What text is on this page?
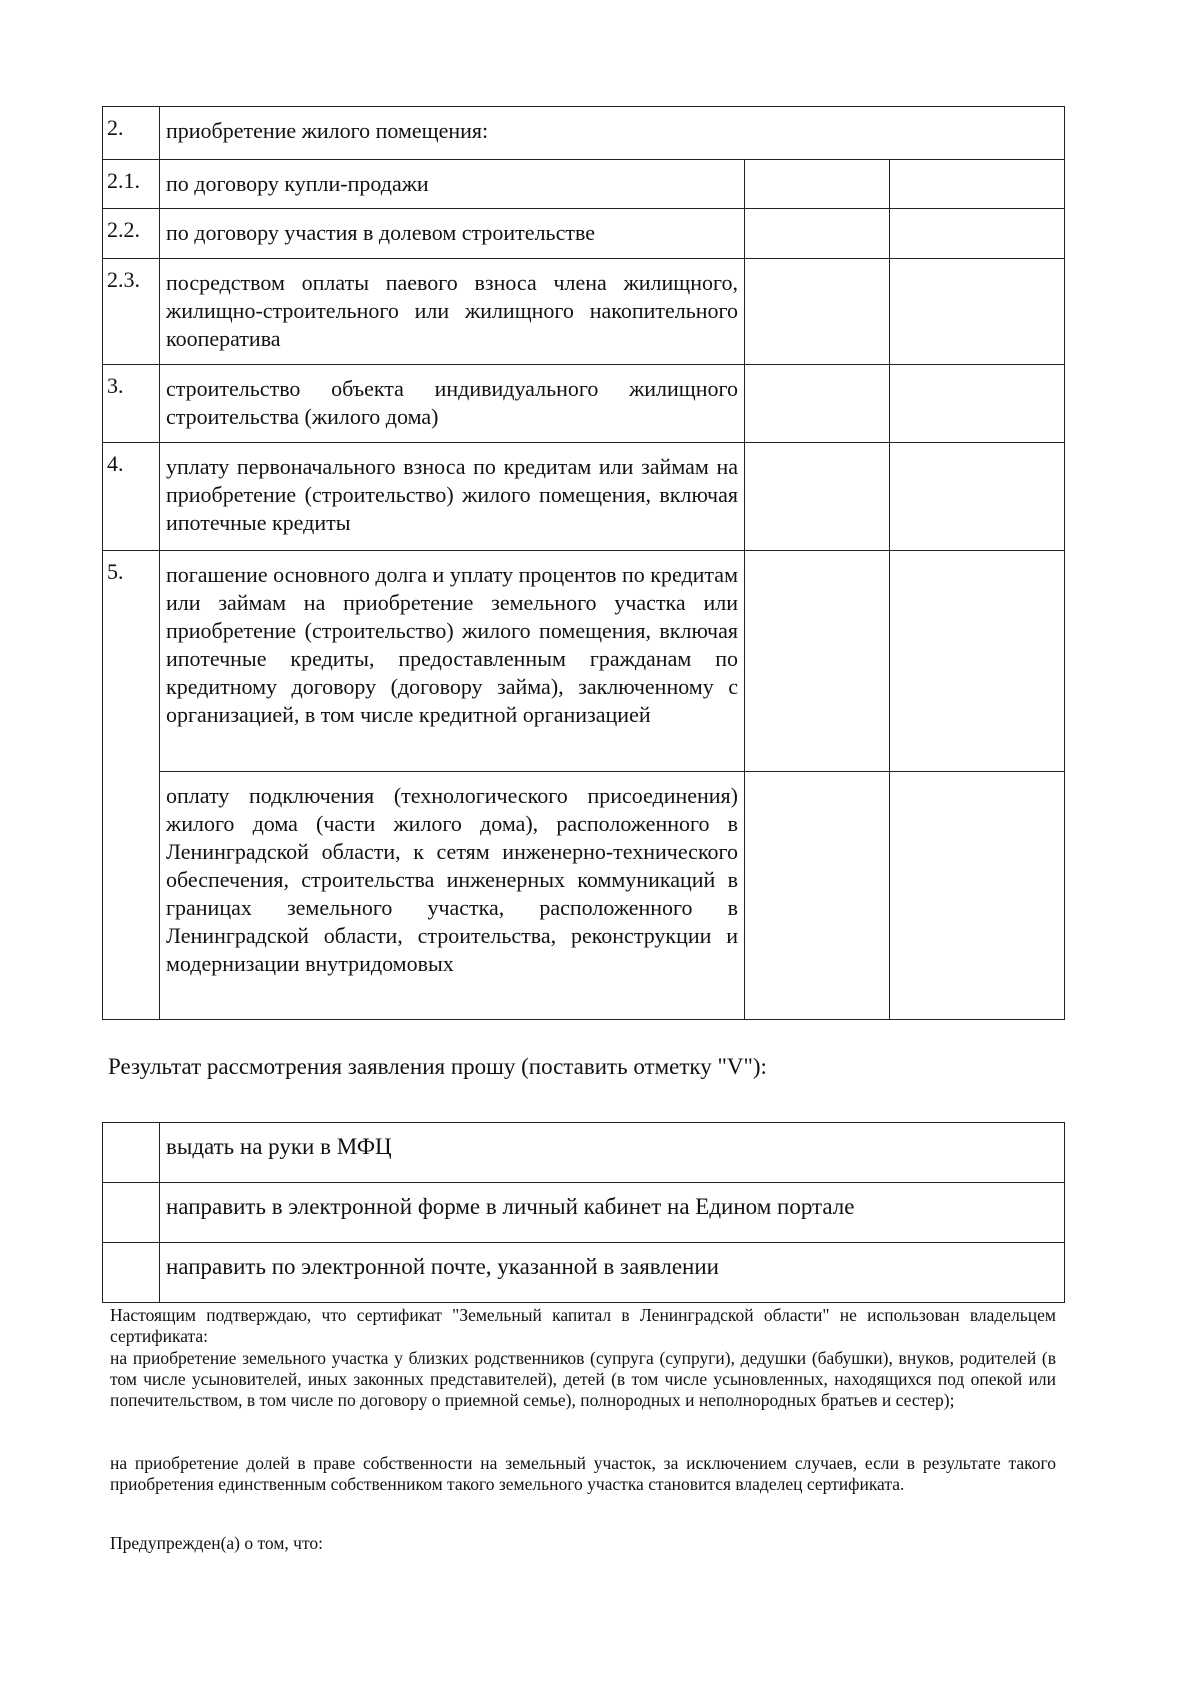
2.	приобретение жилого помещения:		
2.1.	по договору купли-продажи		
2.2.	по договору участия в долевом строительстве		
2.3.	посредством оплаты паевого взноса члена жилищного, жилищно-строительного или жилищного накопительного кооператива		
3.	строительство объекта индивидуального жилищного строительства (жилого дома)		
4.	уплату первоначального взноса по кредитам или займам на приобретение (строительство) жилого помещения, включая ипотечные кредиты		
5.	погашение основного долга и уплату процентов по кредитам или займам на приобретение земельного участка или приобретение (строительство) жилого помещения, включая ипотечные кредиты, предоставленным гражданам по кредитному договору (договору займа), заключенному с организацией, в том числе кредитной организацией		
	оплату подключения (технологического присоединения) жилого дома (части жилого дома), расположенного в Ленинградской области, к сетям инженерно-технического обеспечения, строительства инженерных коммуникаций в границах земельного участка, расположенного в Ленинградской области, строительства, реконструкции и модернизации внутридомовых		
Результат рассмотрения заявления прошу (поставить отметку "V"):
	выдать на руки в МФЦ
	направить в электронной форме в личный кабинет на Едином портале
	направить по электронной почте, указанной в заявлении
Настоящим подтверждаю, что сертификат "Земельный капитал в Ленинградской области" не использован владельцем сертификата:
на приобретение земельного участка у близких родственников (супруга (супруги), дедушки (бабушки), внуков, родителей (в том числе усыновителей, иных законных представителей), детей (в том числе усыновленных, находящихся под опекой или попечительством, в том числе по договору о приемной семье), полнородных и неполнородных братьев и сестер);
на приобретение долей в праве собственности на земельный участок, за исключением случаев, если в результате такого приобретения единственным собственником такого земельного участка становится владелец сертификата.
Предупрежден(а) о том, что:
